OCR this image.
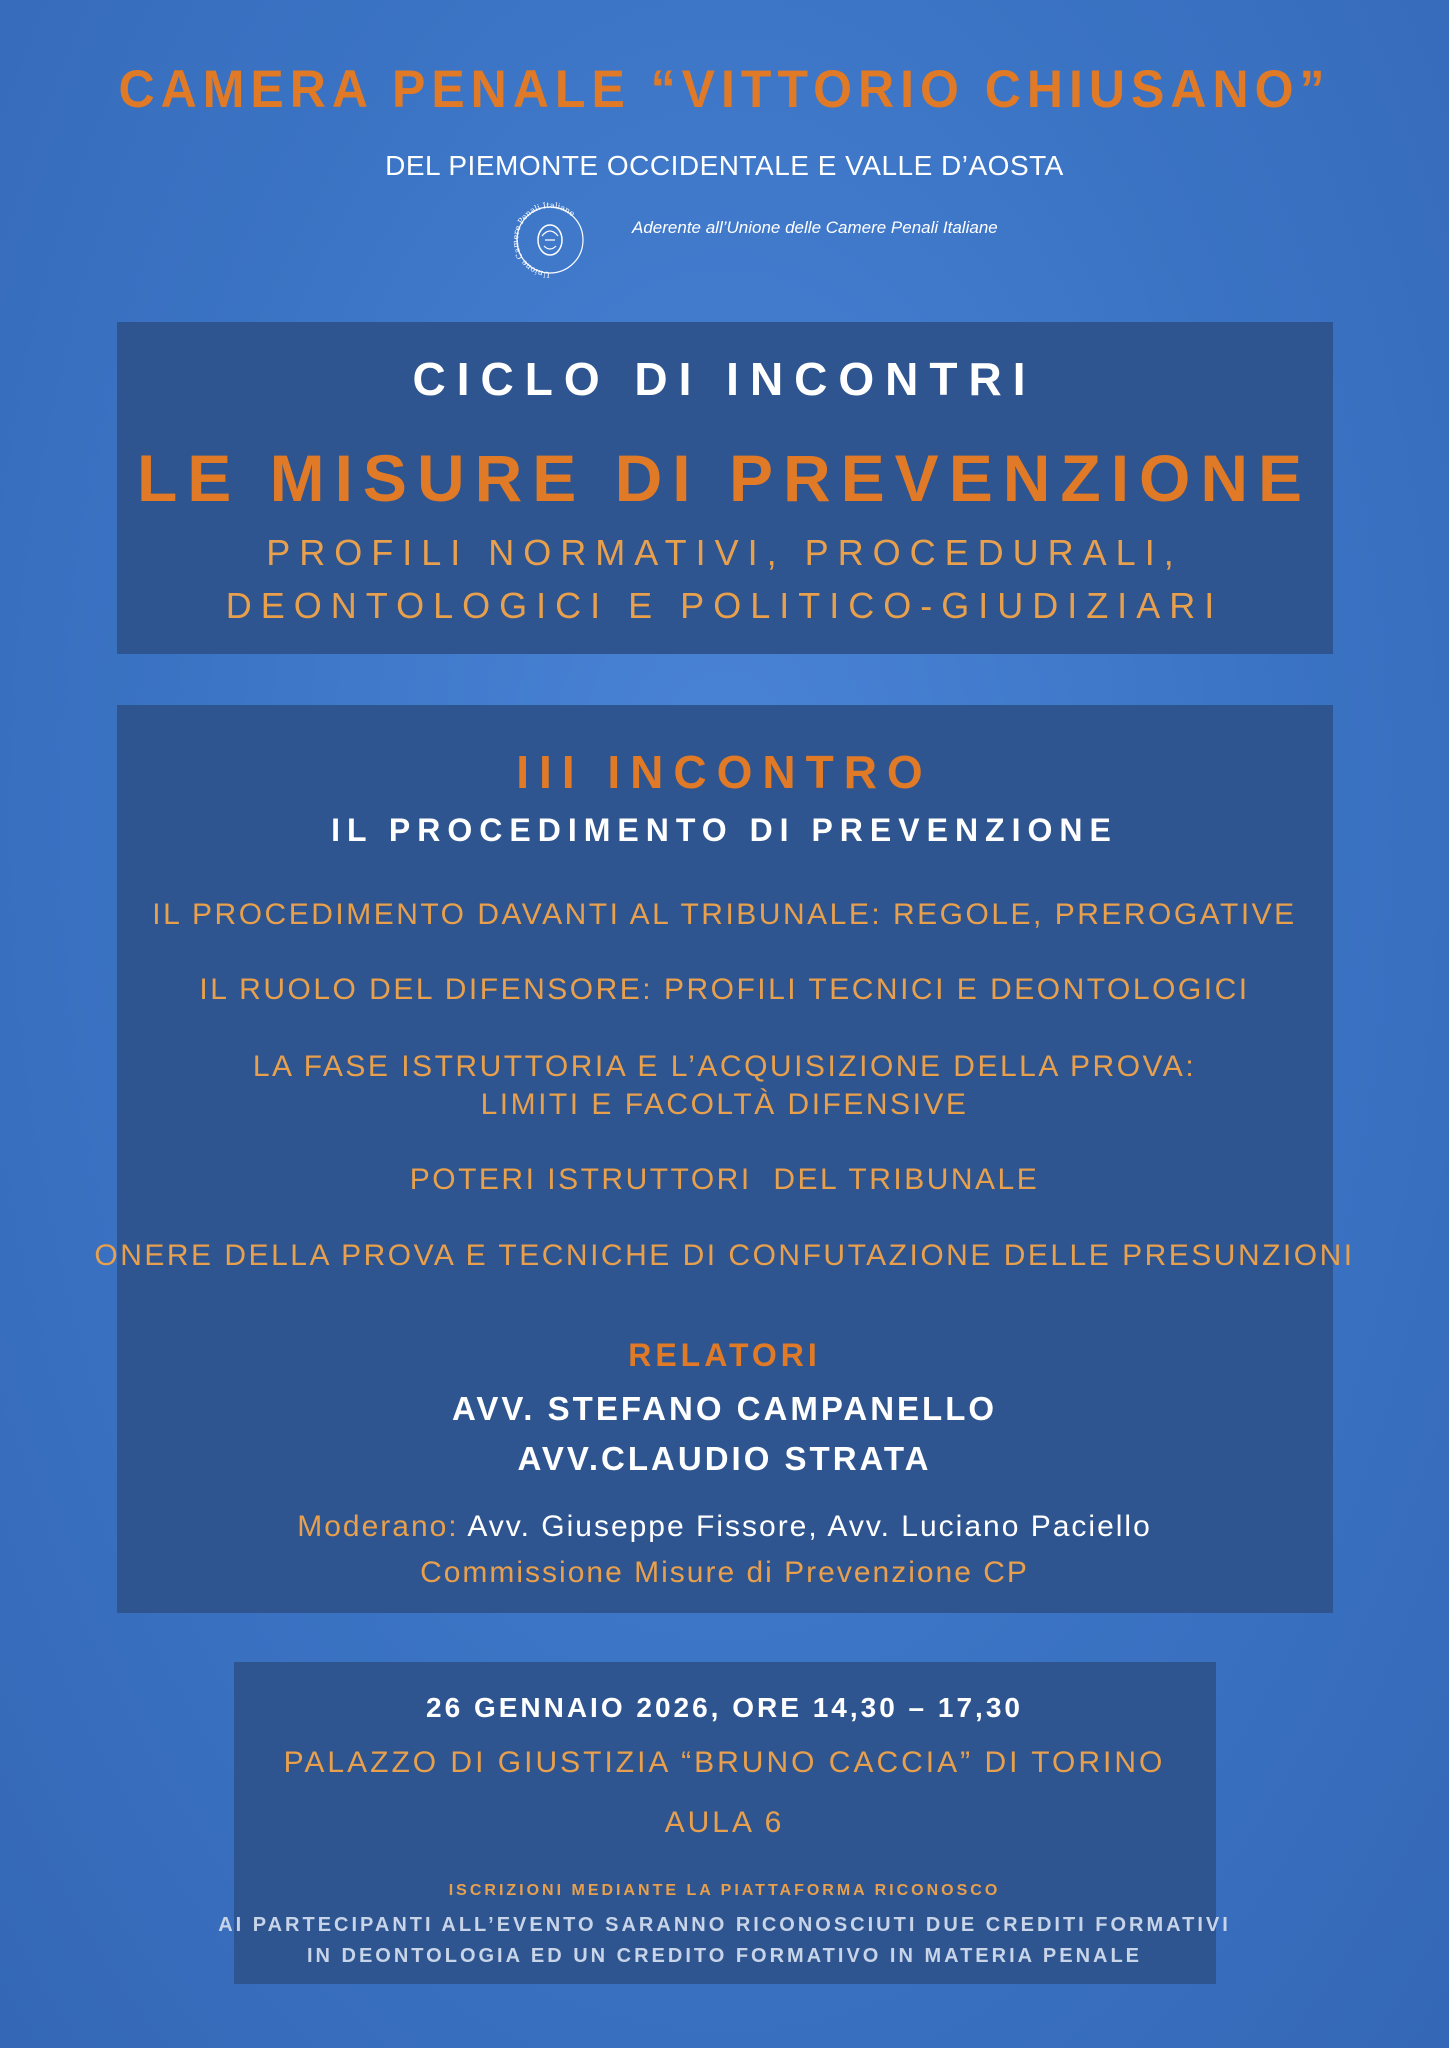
CAMERA PENALE “VITTORIO CHIUSANO”

DEL PIEMONTE OCCIDENTALE E VALLE D’AOSTA

Unione Camere Penali Italiane
Aderente all’Unione delle Camere Penali Italiane

CICLO DI INCONTRI

LE MISURE DI PREVENZIONE

PROFILI NORMATIVI, PROCEDURALI,

DEONTOLOGICI E POLITICO-GIUDIZIARI

III INCONTRO

IL PROCEDIMENTO DI PREVENZIONE

IL PROCEDIMENTO DAVANTI AL TRIBUNALE: REGOLE, PREROGATIVE

IL RUOLO DEL DIFENSORE: PROFILI TECNICI E DEONTOLOGICI

LA FASE ISTRUTTORIA E L’ACQUISIZIONE DELLA PROVA:

LIMITI E FACOLTÀ DIFENSIVE

POTERI ISTRUTTORI  DEL TRIBUNALE

ONERE DELLA PROVA E TECNICHE DI CONFUTAZIONE DELLE PRESUNZIONI

RELATORI

AVV. STEFANO CAMPANELLO

AVV.CLAUDIO STRATA

Moderano: Avv. Giuseppe Fissore, Avv. Luciano Paciello

Commissione Misure di Prevenzione CP

26 GENNAIO 2026, ORE 14,30 – 17,30

PALAZZO DI GIUSTIZIA “BRUNO CACCIA” DI TORINO

AULA 6

ISCRIZIONI MEDIANTE LA PIATTAFORMA RICONOSCO

AI PARTECIPANTI ALL’EVENTO SARANNO RICONOSCIUTI DUE CREDITI FORMATIVI

IN DEONTOLOGIA ED UN CREDITO FORMATIVO IN MATERIA PENALE
